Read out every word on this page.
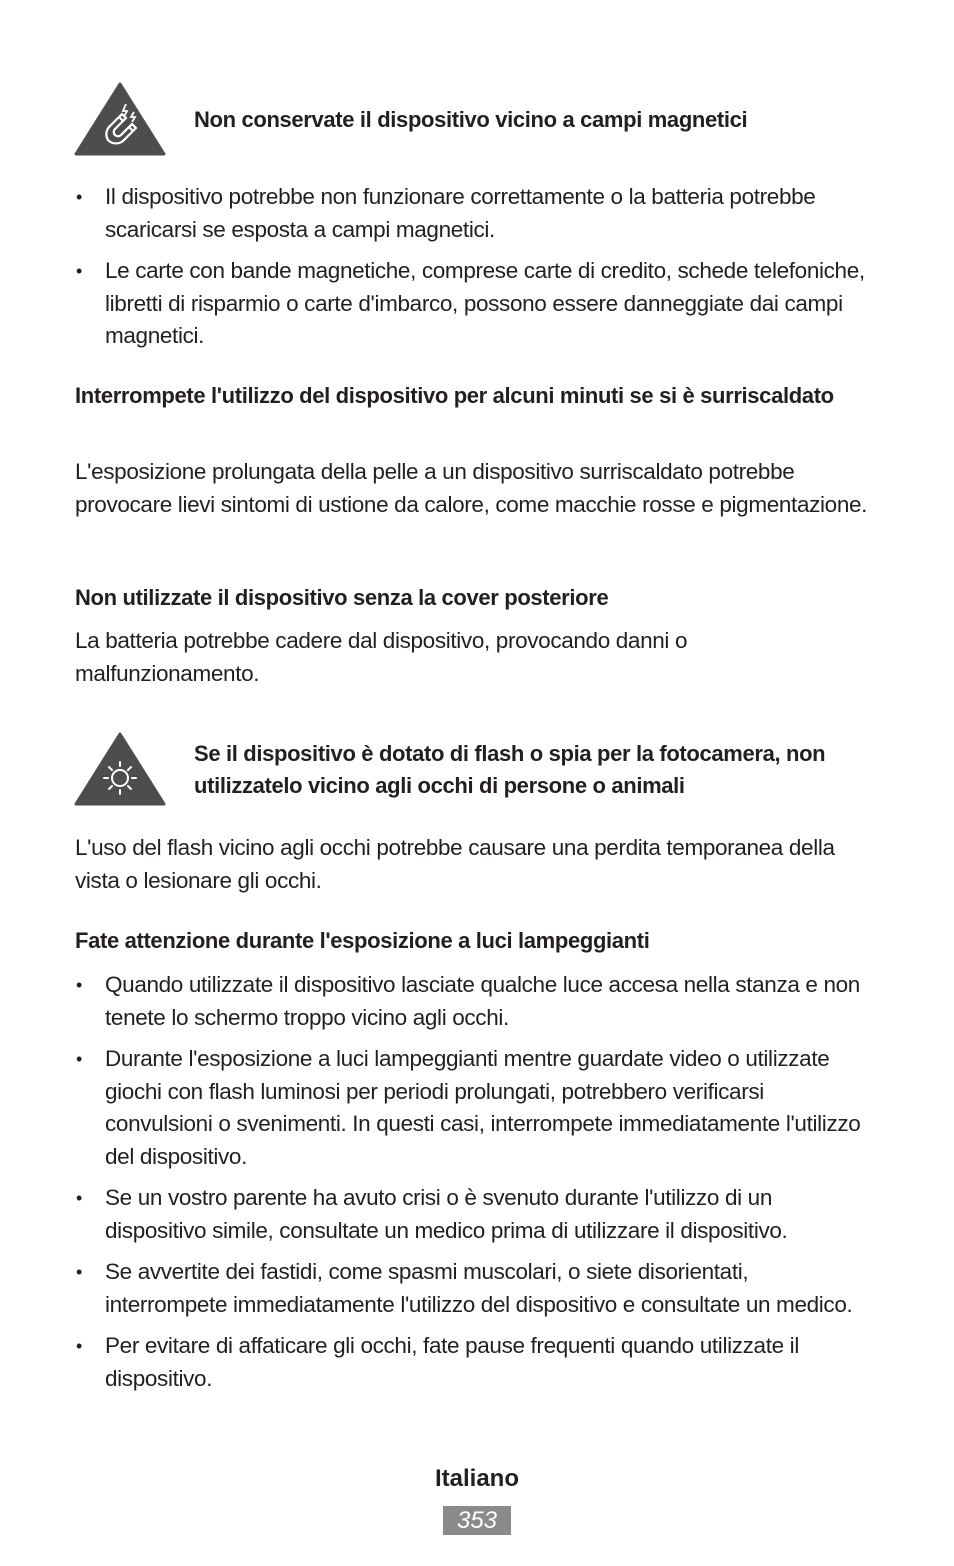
Non conservate il dispositivo vicino a campi magnetici
• Il dispositivo potrebbe non funzionare correttamente o la batteria potrebbe scaricarsi se esposta a campi magnetici.
• Le carte con bande magnetiche, comprese carte di credito, schede telefoniche, libretti di risparmio o carte d'imbarco, possono essere danneggiate dai campi magnetici.
Interrompete l'utilizzo del dispositivo per alcuni minuti se si è surriscaldato
L'esposizione prolungata della pelle a un dispositivo surriscaldato potrebbe provocare lievi sintomi di ustione da calore, come macchie rosse e pigmentazione.
Non utilizzate il dispositivo senza la cover posteriore
La batteria potrebbe cadere dal dispositivo, provocando danni o malfunzionamento.
Se il dispositivo è dotato di flash o spia per la fotocamera, non utilizzatelo vicino agli occhi di persone o animali
L'uso del flash vicino agli occhi potrebbe causare una perdita temporanea della vista o lesionare gli occhi.
Fate attenzione durante l'esposizione a luci lampeggianti
• Quando utilizzate il dispositivo lasciate qualche luce accesa nella stanza e non tenete lo schermo troppo vicino agli occhi.
• Durante l'esposizione a luci lampeggianti mentre guardate video o utilizzate giochi con flash luminosi per periodi prolungati, potrebbero verificarsi convulsioni o svenimenti. In questi casi, interrompete immediatamente l'utilizzo del dispositivo.
• Se un vostro parente ha avuto crisi o è svenuto durante l'utilizzo di un dispositivo simile, consultate un medico prima di utilizzare il dispositivo.
• Se avvertite dei fastidi, come spasmi muscolari, o siete disorientati, interrompete immediatamente l'utilizzo del dispositivo e consultate un medico.
• Per evitare di affaticare gli occhi, fate pause frequenti quando utilizzate il dispositivo.
Italiano
353
